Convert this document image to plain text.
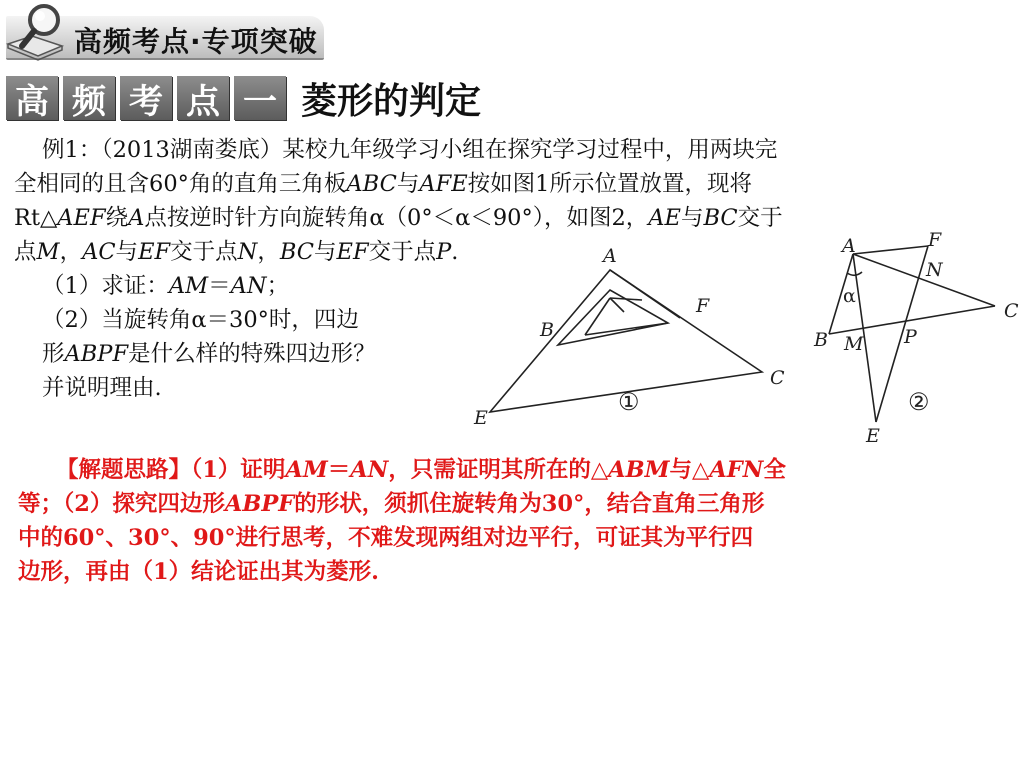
高频考点·专项突破
高 频 考 点 一 菱形的判定
例1：（2013湖南娄底）某校九年级学习小组在探究学习过程中，用两块完
全相同的且含60°角的直角三角板ABC与AFE按如图1所示位置放置，现将
Rt△AEF绕A点按逆时针方向旋转角α（0°＜α＜90°），如图2，AE与BC交于
点M，AC与EF交于点N，BC与EF交于点P.
（1）求证：AM＝AN；
（2）当旋转角α＝30°时，四边
形ABPF是什么样的特殊四边形？
并说明理由.
A
B
F
C
E
①
A	F
N
C
α
B M P
E
②
【解题思路】（1）证明AM＝AN，只需证明其所在的△ABM与△AFN全
等；（2）探究四边形ABPF的形状，须抓住旋转角为30°，结合直角三角形
中的60°、30°、90°进行思考，不难发现两组对边平行，可证其为平行四
边形，再由（1）结论证出其为菱形.
